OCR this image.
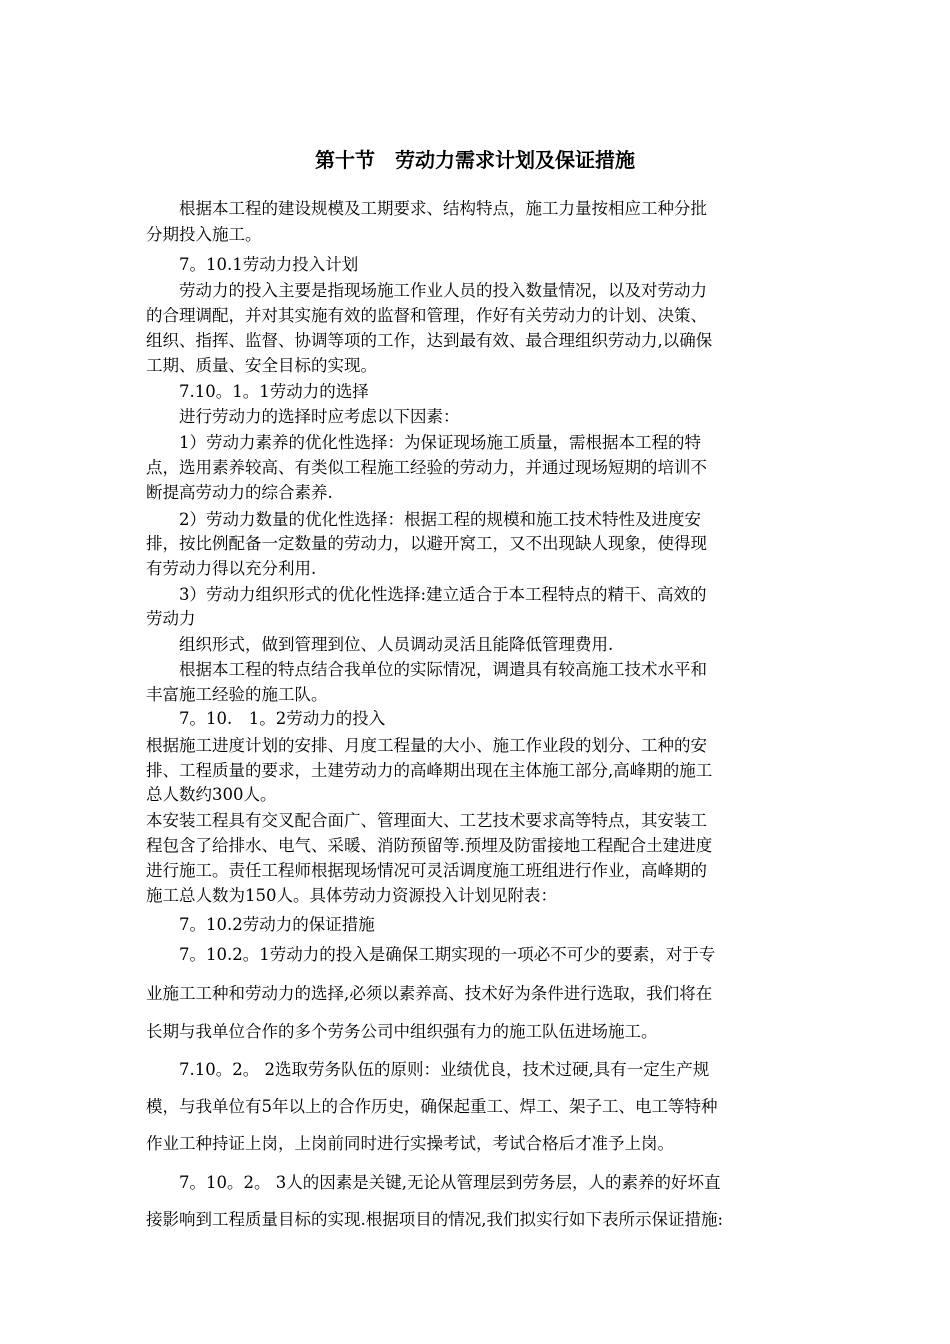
第十节　劳动力需求计划及保证措施
　　根据本工程的建设规模及工期要求、结构特点，施工力量按相应工种分批
分期投入施工。
　　7。10.1劳动力投入计划
　　劳动力的投入主要是指现场施工作业人员的投入数量情况，以及对劳动力
的合理调配，并对其实施有效的监督和管理，作好有关劳动力的计划、决策、
组织、指挥、监督、协调等项的工作，达到最有效、最合理组织劳动力,以确保
工期、质量、安全目标的实现。
　　7.10。1。1劳动力的选择
　　进行劳动力的选择时应考虑以下因素：
　　1）劳动力素养的优化性选择：为保证现场施工质量，需根据本工程的特
点，选用素养较高、有类似工程施工经验的劳动力，并通过现场短期的培训不
断提高劳动力的综合素养.
　　2）劳动力数量的优化性选择：根据工程的规模和施工技术特性及进度安
排，按比例配备一定数量的劳动力，以避开窝工，又不出现缺人现象，使得现
有劳动力得以充分利用.
　　3）劳动力组织形式的优化性选择:建立适合于本工程特点的精干、高效的
劳动力
　　组织形式，做到管理到位、人员调动灵活且能降低管理费用.
　　根据本工程的特点结合我单位的实际情况，调遣具有较高施工技术水平和
丰富施工经验的施工队。
　　7。10.　1。2劳动力的投入
根据施工进度计划的安排、月度工程量的大小、施工作业段的划分、工种的安
排、工程质量的要求，土建劳动力的高峰期出现在主体施工部分,高峰期的施工
总人数约300人。
本安装工程具有交叉配合面广、管理面大、工艺技术要求高等特点，其安装工
程包含了给排水、电气、采暖、消防预留等.预埋及防雷接地工程配合土建进度
进行施工。责任工程师根据现场情况可灵活调度施工班组进行作业，高峰期的
施工总人数为150人。具体劳动力资源投入计划见附表：
　　7。10.2劳动力的保证措施
　　7。10.2。1劳动力的投入是确保工期实现的一项必不可少的要素，对于专
业施工工种和劳动力的选择,必须以素养高、技术好为条件进行选取，我们将在
长期与我单位合作的多个劳务公司中组织强有力的施工队伍进场施工。
　　7.10。2。 2选取劳务队伍的原则：业绩优良，技术过硬,具有一定生产规
模，与我单位有5年以上的合作历史，确保起重工、焊工、架子工、电工等特种
作业工种持证上岗，上岗前同时进行实操考试，考试合格后才准予上岗。
　　7。10。2。 3人的因素是关键,无论从管理层到劳务层，人的素养的好坏直
接影响到工程质量目标的实现.根据项目的情况,我们拟实行如下表所示保证措施:
